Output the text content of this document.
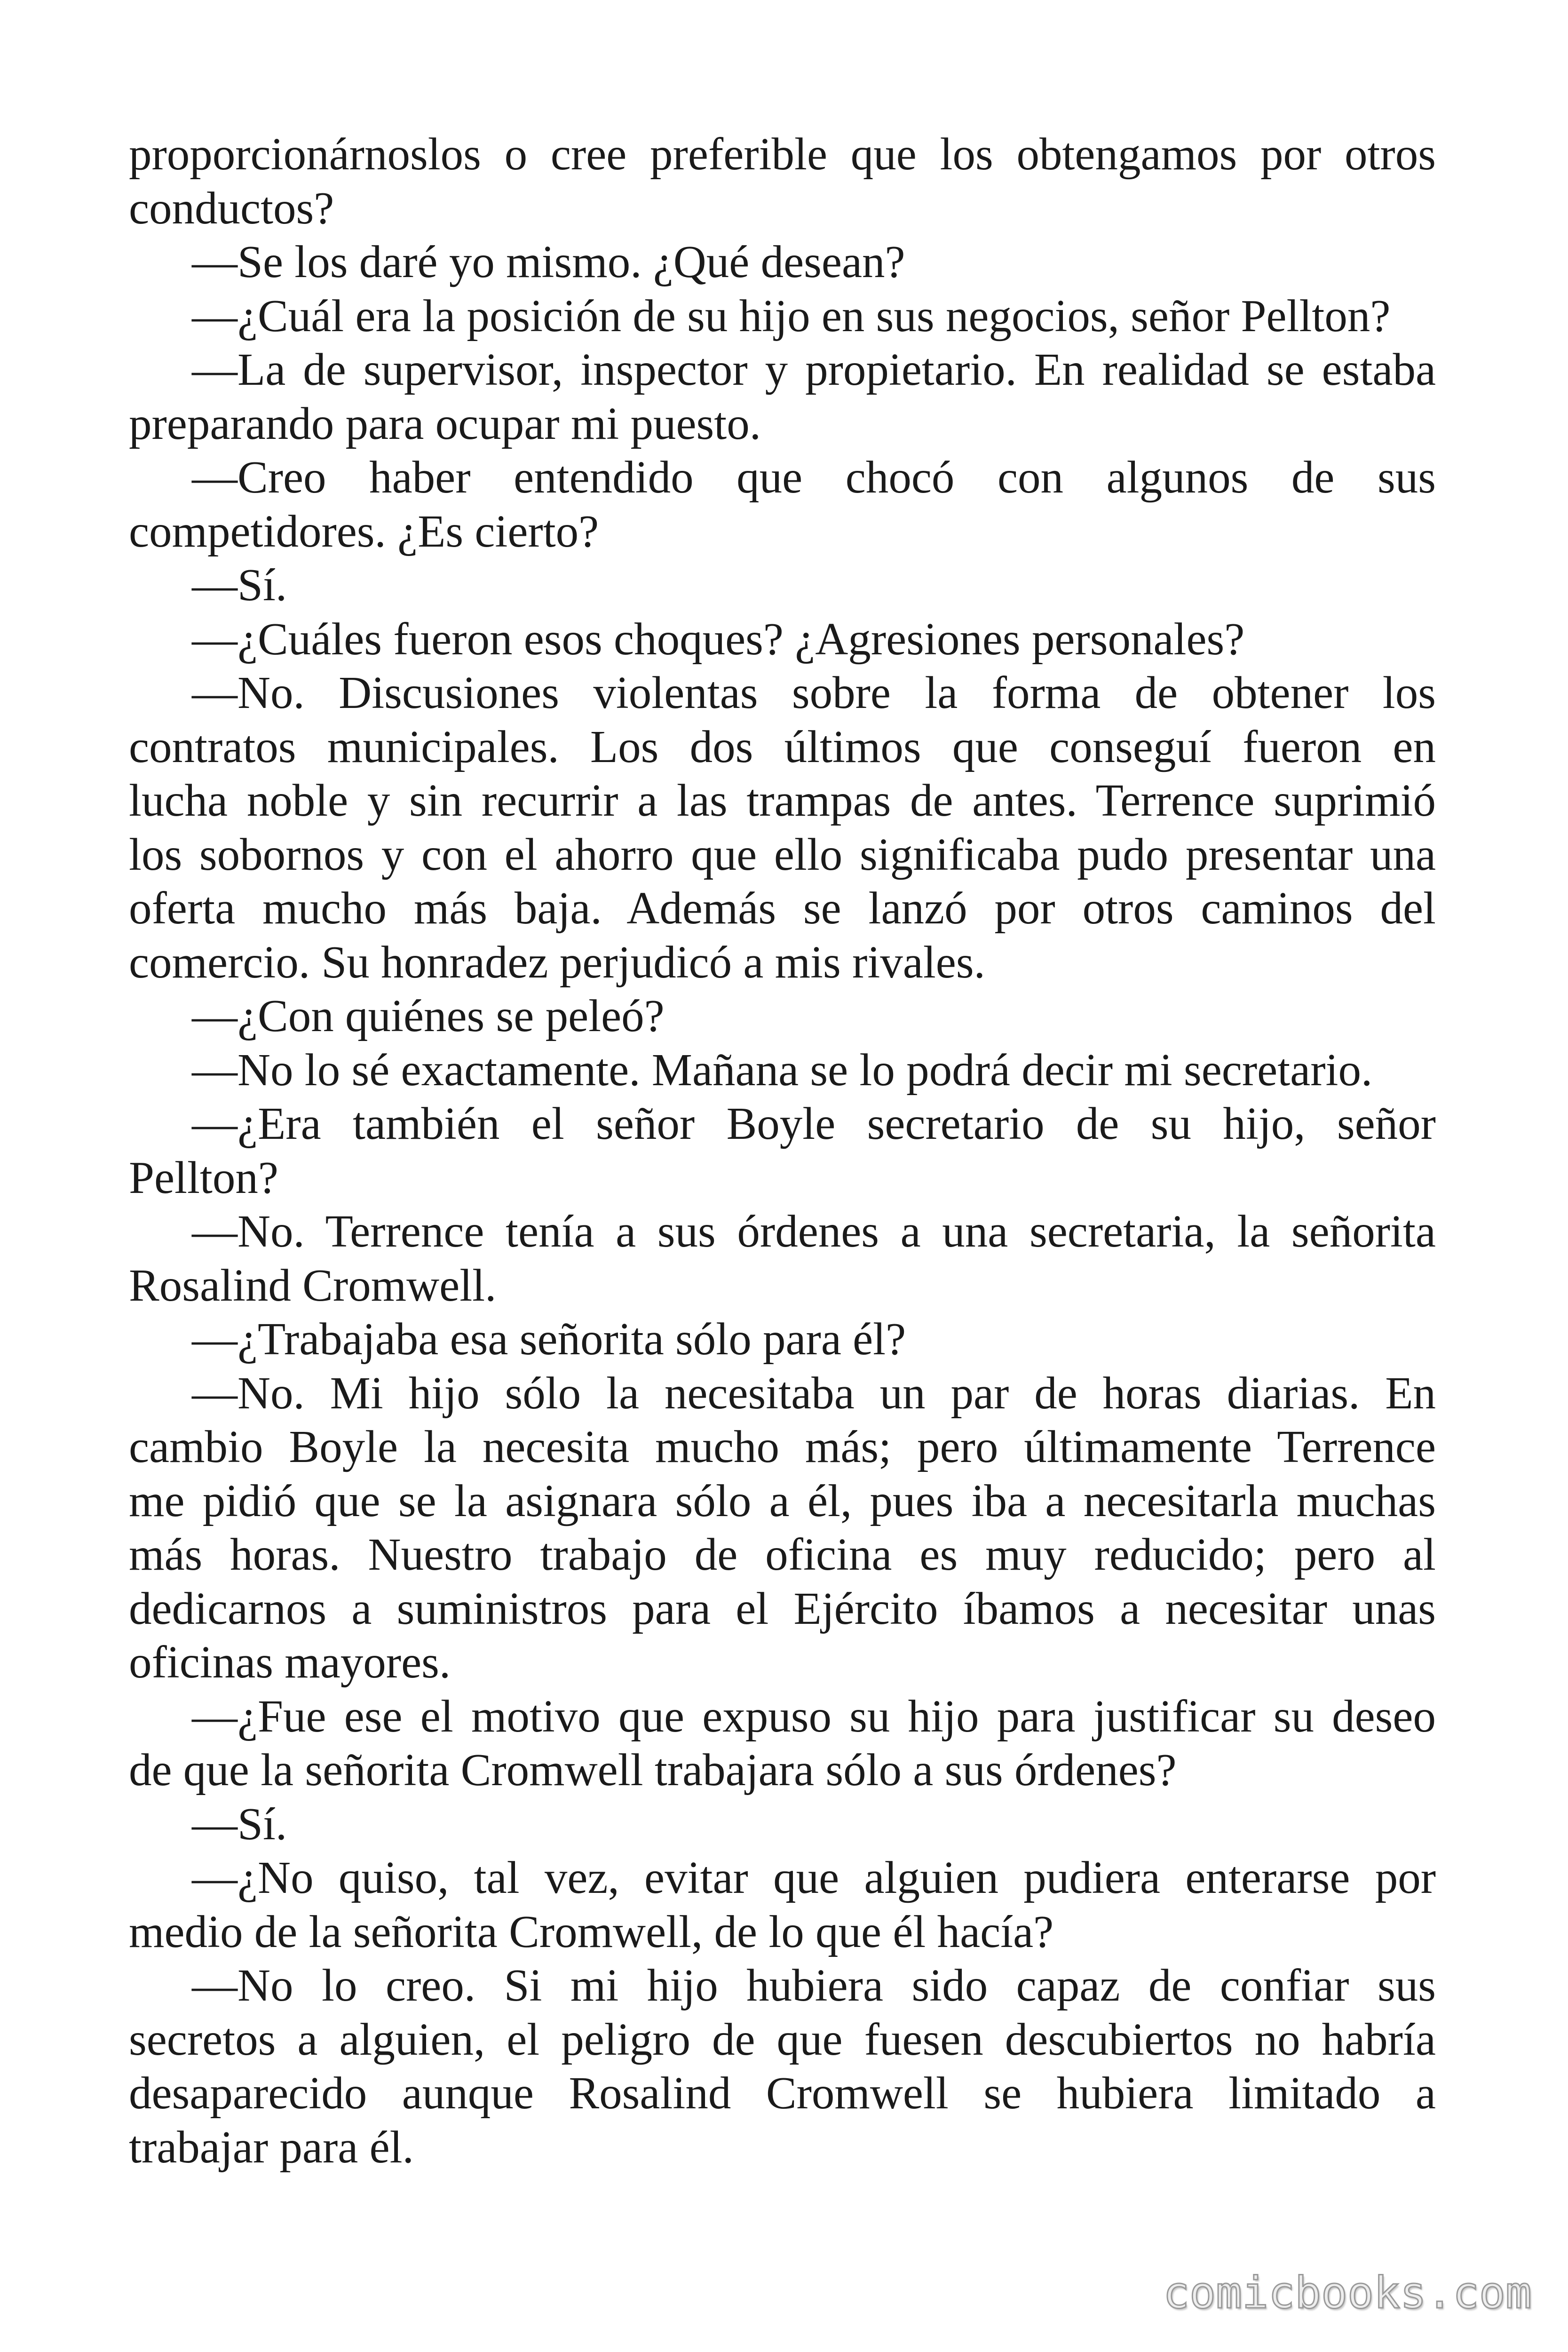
proporcionárnoslos o cree preferible que los obtengamos por otros
conductos?
—Se los daré yo mismo. ¿Qué desean?
—¿Cuál era la posición de su hijo en sus negocios, señor Pellton?
—La de supervisor, inspector y propietario. En realidad se estaba
preparando para ocupar mi puesto.
—Creo haber entendido que chocó con algunos de sus
competidores. ¿Es cierto?
—Sí.
—¿Cuáles fueron esos choques? ¿Agresiones personales?
—No. Discusiones violentas sobre la forma de obtener los
contratos municipales. Los dos últimos que conseguí fueron en
lucha noble y sin recurrir a las trampas de antes. Terrence suprimió
los sobornos y con el ahorro que ello significaba pudo presentar una
oferta mucho más baja. Además se lanzó por otros caminos del
comercio. Su honradez perjudicó a mis rivales.
—¿Con quiénes se peleó?
—No lo sé exactamente. Mañana se lo podrá decir mi secretario.
—¿Era también el señor Boyle secretario de su hijo, señor
Pellton?
—No. Terrence tenía a sus órdenes a una secretaria, la señorita
Rosalind Cromwell.
—¿Trabajaba esa señorita sólo para él?
—No. Mi hijo sólo la necesitaba un par de horas diarias. En
cambio Boyle la necesita mucho más; pero últimamente Terrence
me pidió que se la asignara sólo a él, pues iba a necesitarla muchas
más horas. Nuestro trabajo de oficina es muy reducido; pero al
dedicarnos a suministros para el Ejército íbamos a necesitar unas
oficinas mayores.
—¿Fue ese el motivo que expuso su hijo para justificar su deseo
de que la señorita Cromwell trabajara sólo a sus órdenes?
—Sí.
—¿No quiso, tal vez, evitar que alguien pudiera enterarse por
medio de la señorita Cromwell, de lo que él hacía?
—No lo creo. Si mi hijo hubiera sido capaz de confiar sus
secretos a alguien, el peligro de que fuesen descubiertos no habría
desaparecido aunque Rosalind Cromwell se hubiera limitado a
trabajar para él.
comicbooks.com
